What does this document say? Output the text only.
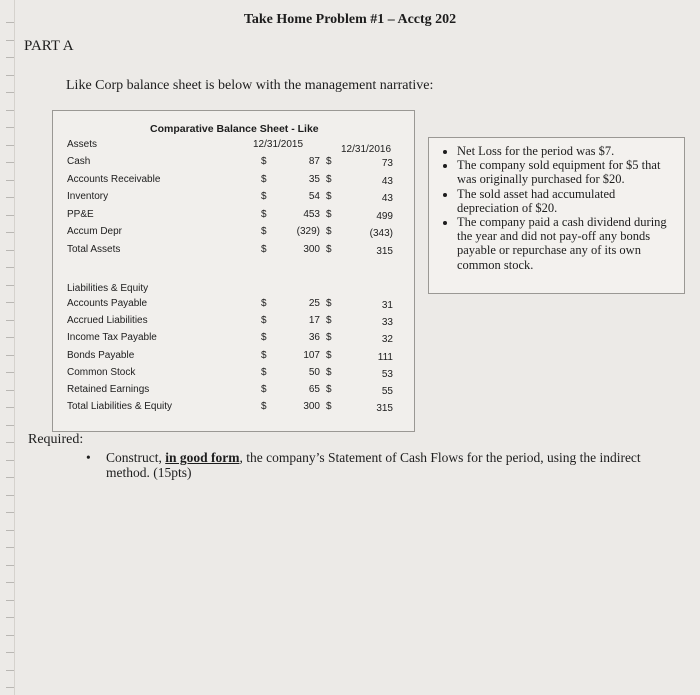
Take Home Problem #1 – Acctg 202
PART A
Like Corp balance sheet is below with the management narrative:
Comparative Balance Sheet - Like
Assets	12/31/2015	12/31/2016
Cash	$	87 $	73
Accounts Receivable	$	35 $	43
Inventory	$	54 $	43
PP&E	$	453 $	499
Accum Depr	$	(329) $	(343)
Total Assets	$	300 $	315
Liabilities & Equity
Accounts Payable	$	25 $	31
Accrued Liabilities	$	17 $	33
Income Tax Payable	$	36 $	32
Bonds Payable	$	107 $	111
Common Stock	$	50 $	53
Retained Earnings	$	65 $	55
Total Liabilities & Equity	$	300 $	315
• Net Loss for the period was $7.
• The company sold equipment for $5 that was originally purchased for $20.
• The sold asset had accumulated depreciation of $20.
• The company paid a cash dividend during the year and did not pay-off any bonds payable or repurchase any of its own common stock.
Required:
• Construct, in good form, the company’s Statement of Cash Flows for the period, using the indirect method. (15pts)
